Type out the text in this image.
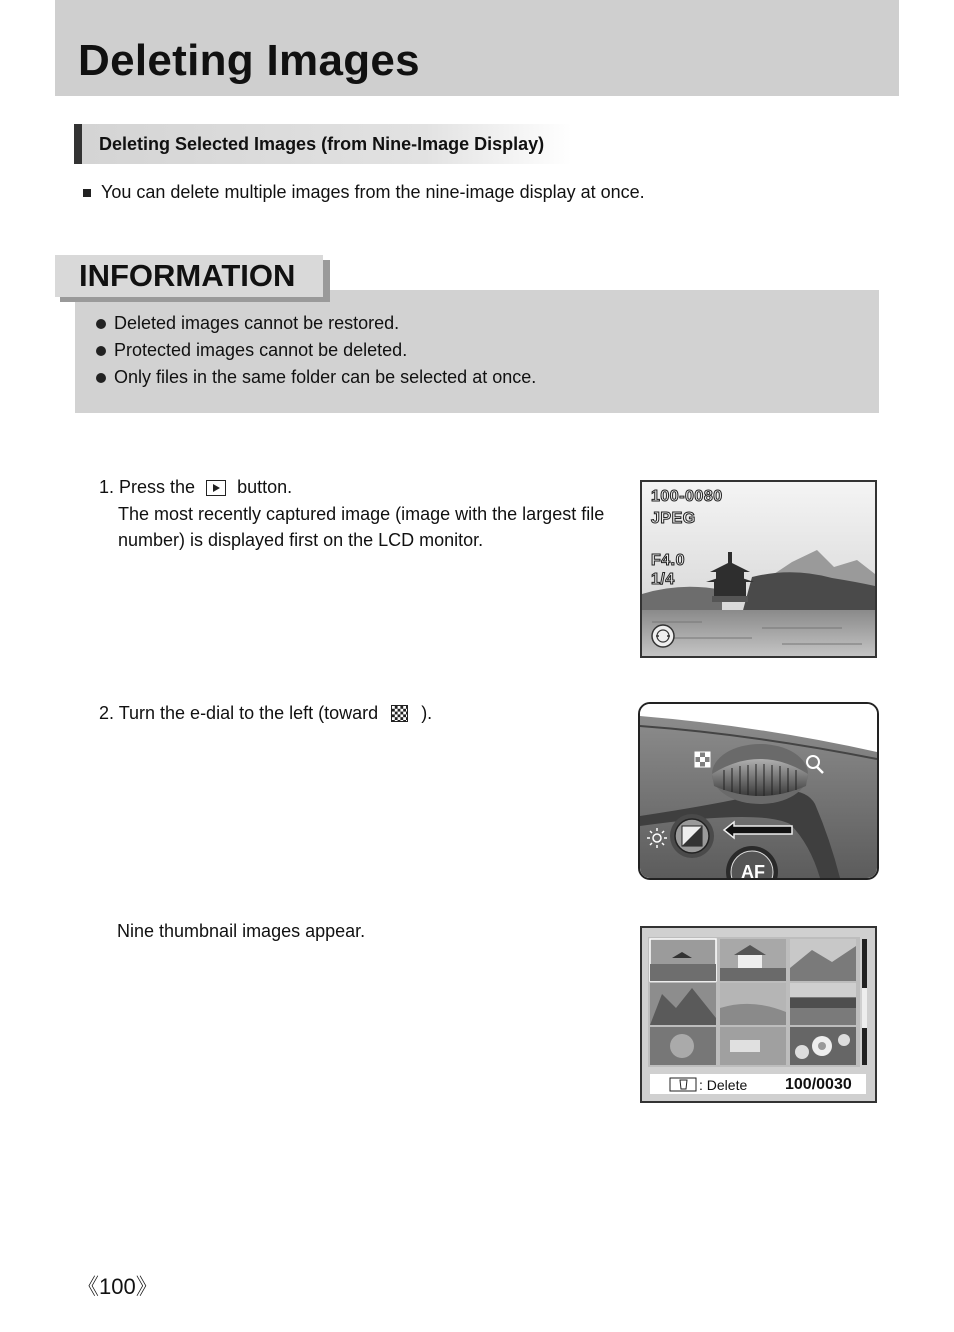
Deleting Images
Deleting Selected Images (from Nine-Image Display)
You can delete multiple images from the nine-image display at once.
INFORMATION
Deleted images cannot be restored.
Protected images cannot be deleted.
Only files in the same folder can be selected at once.
1. Press the button.
The most recently captured image (image with the largest file
number) is displayed first on the LCD monitor.
100-0080
JPEG
F4.0
1/4
2. Turn the e-dial to the left (toward ).
AF
Nine thumbnail images appear.
: Delete 100/0030
《100》
